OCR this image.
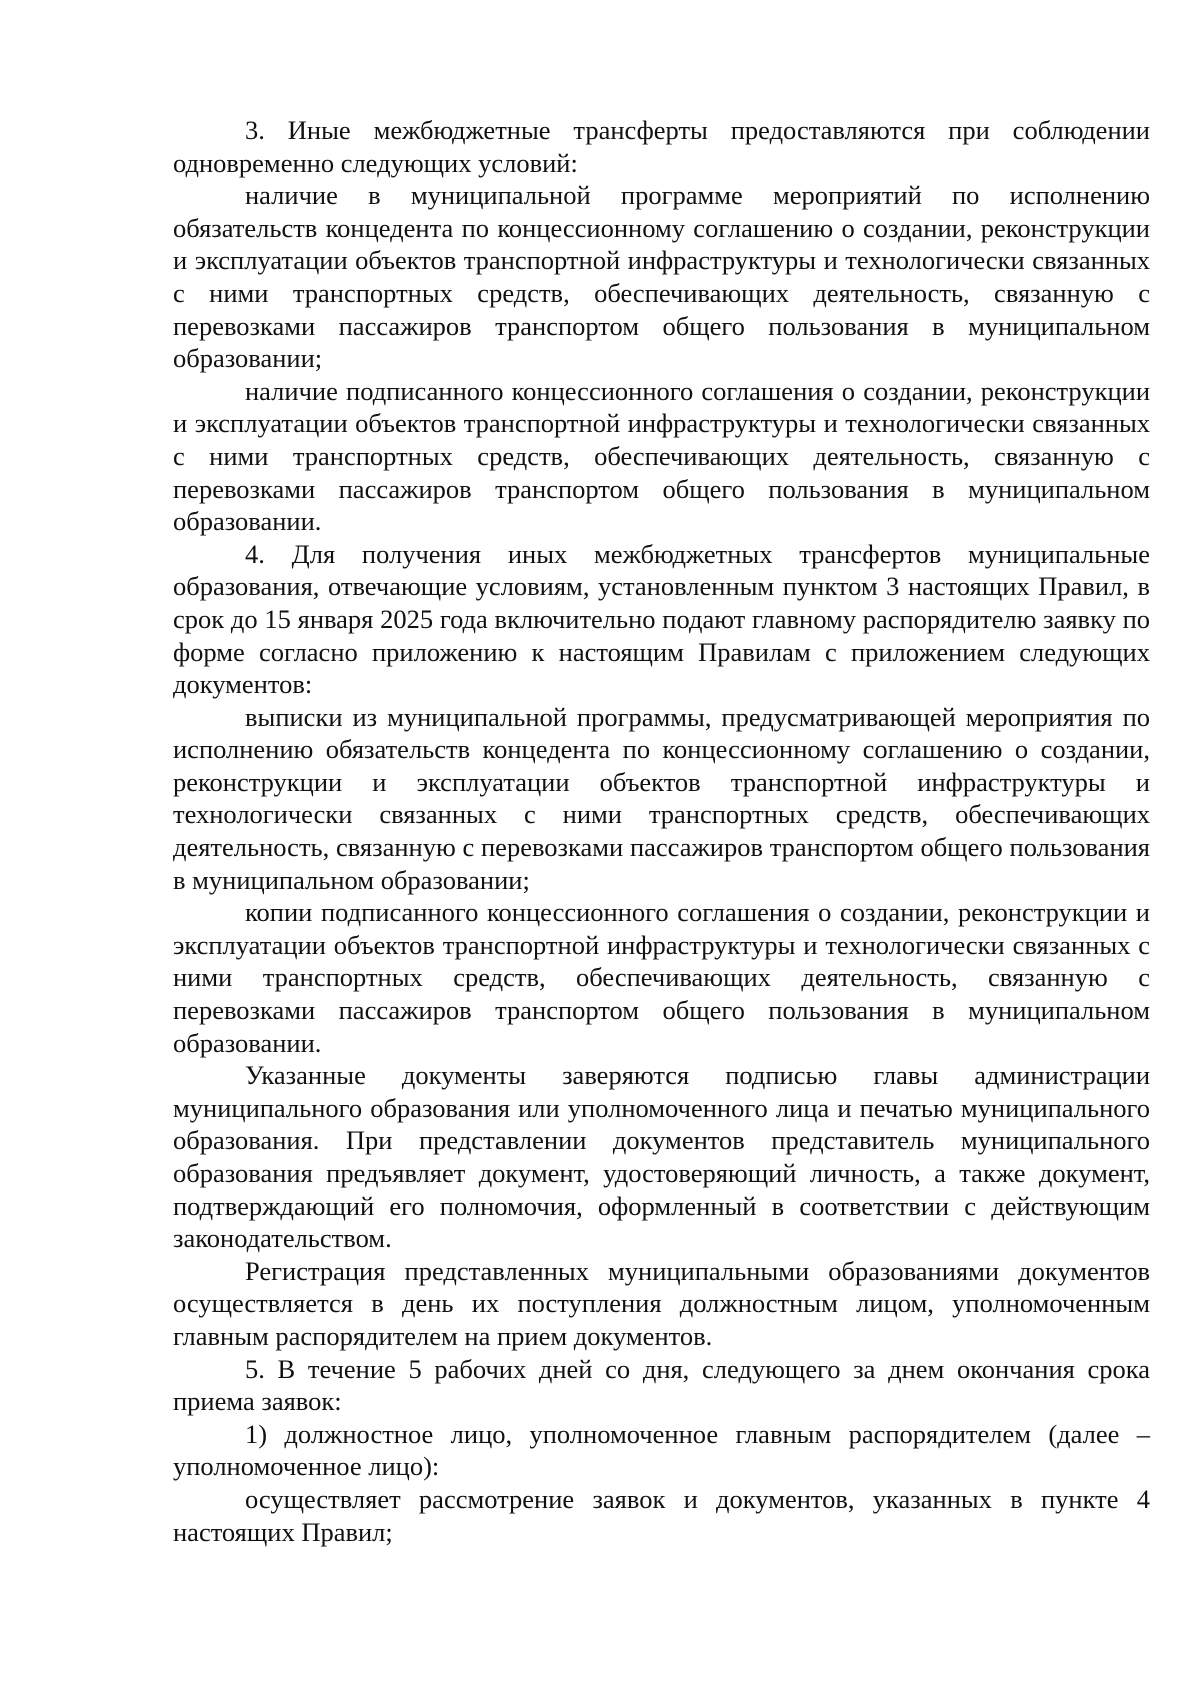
3. Иные межбюджетные трансферты предоставляются при соблюдении одновременно следующих условий:

наличие в муниципальной программе мероприятий по исполнению обязательств концедента по концессионному соглашению о создании, реконструкции и эксплуатации объектов транспортной инфраструктуры и технологически связанных с ними транспортных средств, обеспечивающих деятельность, связанную с перевозками пассажиров транспортом общего пользования в муниципальном образовании;

наличие подписанного концессионного соглашения о создании, реконструкции и эксплуатации объектов транспортной инфраструктуры и технологически связанных с ними транспортных средств, обеспечивающих деятельность, связанную с перевозками пассажиров транспортом общего пользования в муниципальном образовании.

4. Для получения иных межбюджетных трансфертов муниципальные образования, отвечающие условиям, установленным пунктом 3 настоящих Правил, в срок до 15 января 2025 года включительно подают главному распорядителю заявку по форме согласно приложению к настоящим Правилам с приложением следующих документов:

выписки из муниципальной программы, предусматривающей мероприятия по исполнению обязательств концедента по концессионному соглашению о создании, реконструкции и эксплуатации объектов транспортной инфраструктуры и технологически связанных с ними транспортных средств, обеспечивающих деятельность, связанную с перевозками пассажиров транспортом общего пользования в муниципальном образовании;

копии подписанного концессионного соглашения о создании, реконструкции и эксплуатации объектов транспортной инфраструктуры и технологически связанных с ними транспортных средств, обеспечивающих деятельность, связанную с перевозками пассажиров транспортом общего пользования в муниципальном образовании.

Указанные документы заверяются подписью главы администрации муниципального образования или уполномоченного лица и печатью муниципального образования. При представлении документов представитель муниципального образования предъявляет документ, удостоверяющий личность, а также документ, подтверждающий его полномочия, оформленный в соответствии с действующим законодательством.

Регистрация представленных муниципальными образованиями документов осуществляется в день их поступления должностным лицом, уполномоченным главным распорядителем на прием документов.

5. В течение 5 рабочих дней со дня, следующего за днем окончания срока приема заявок:

1) должностное лицо, уполномоченное главным распорядителем (далее – уполномоченное лицо):

осуществляет рассмотрение заявок и документов, указанных в пункте 4 настоящих Правил;
